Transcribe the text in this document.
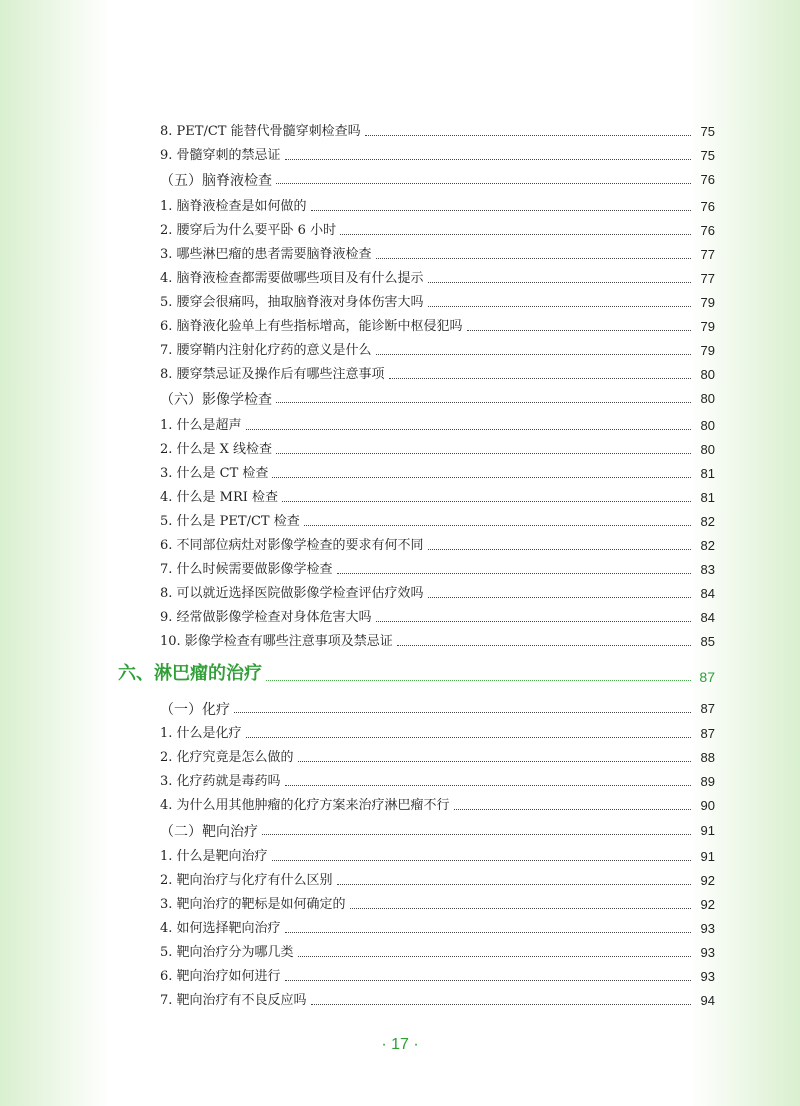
8. PET/CT 能替代骨髓穿刺检查吗	75
9. 骨髓穿刺的禁忌证	75
（五）脑脊液检查	76
1. 脑脊液检查是如何做的	76
2. 腰穿后为什么要平卧 6 小时	76
3. 哪些淋巴瘤的患者需要脑脊液检查	77
4. 脑脊液检查都需要做哪些项目及有什么提示	77
5. 腰穿会很痛吗，抽取脑脊液对身体伤害大吗	79
6. 脑脊液化验单上有些指标增高，能诊断中枢侵犯吗	79
7. 腰穿鞘内注射化疗药的意义是什么	79
8. 腰穿禁忌证及操作后有哪些注意事项	80
（六）影像学检查	80
1. 什么是超声	80
2. 什么是 X 线检查	80
3. 什么是 CT 检查	81
4. 什么是 MRI 检查	81
5. 什么是 PET/CT 检查	82
6. 不同部位病灶对影像学检查的要求有何不同	82
7. 什么时候需要做影像学检查	83
8. 可以就近选择医院做影像学检查评估疗效吗	84
9. 经常做影像学检查对身体危害大吗	84
10. 影像学检查有哪些注意事项及禁忌证	85
六、淋巴瘤的治疗	87
（一）化疗	87
1. 什么是化疗	87
2. 化疗究竟是怎么做的	88
3. 化疗药就是毒药吗	89
4. 为什么用其他肿瘤的化疗方案来治疗淋巴瘤不行	90
（二）靶向治疗	91
1. 什么是靶向治疗	91
2. 靶向治疗与化疗有什么区别	92
3. 靶向治疗的靶标是如何确定的	92
4. 如何选择靶向治疗	93
5. 靶向治疗分为哪几类	93
6. 靶向治疗如何进行	93
7. 靶向治疗有不良反应吗	94
· 17 ·
